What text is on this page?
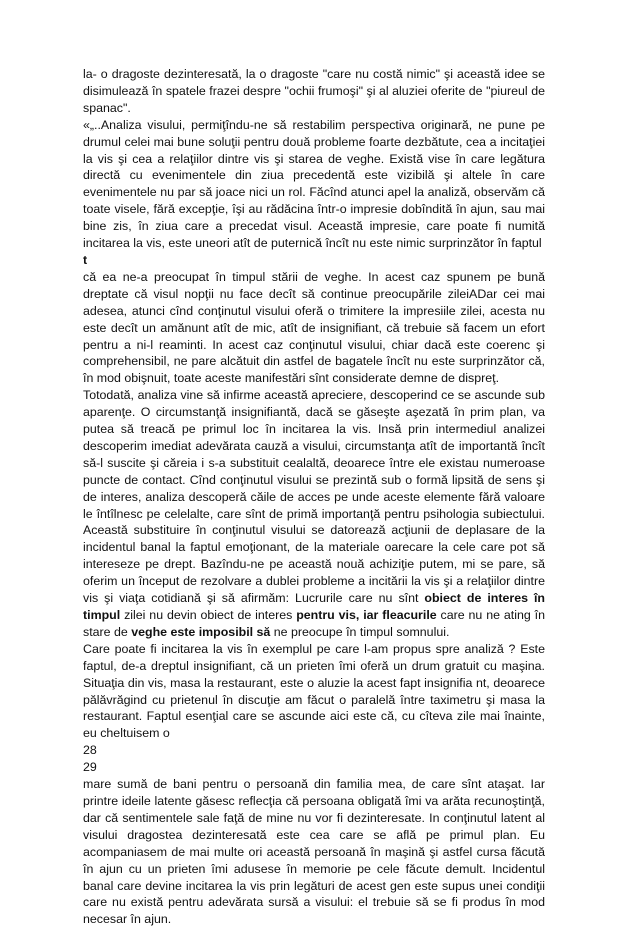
la- o dragoste dezinteresată, la o dragoste "care nu costă nimic" şi această idee se disimulează în spatele frazei despre "ochii frumoşi" şi al aluziei oferite de "piureul de spanac".

«„..Analiza visului, permiţîndu-ne să restabilim perspectiva originară, ne pune pe drumul celei mai bune soluţii pentru două probleme foarte dezbătute, cea a incitaţiei la vis şi cea a relaţiilor dintre vis şi starea de veghe. Există vise în care legătura directă cu evenimentele din ziua precedentă este vizibilă şi altele în care evenimentele nu par să joace nici un rol. Făcînd atunci apel la analiză, observăm că toate visele, fără excepţie, îşi au rădăcina într-o impresie dobîndită în ajun, sau mai bine zis, în ziua care a precedat visul. Această impresie, care poate fi numită incitarea la vis, este uneori atît de puternică încît nu este nimic surprinzător în faptul

t

că ea ne-a preocupat în timpul stării de veghe. In acest caz spunem pe bună dreptate că visul nopţii nu face decît să continue preocupările zileiADar cei mai adesea, atunci cînd conţinutul visului oferă o trimitere la impresiile zilei, acesta nu este decît un amănunt atît de mic, atît de insignifiant, că trebuie să facem un efort pentru a ni-l reaminti. In acest caz conţinutul visului, chiar dacă este coerenc şi comprehensibil, ne pare alcătuit din astfel de bagatele încît nu este surprinzător că, în mod obişnuit, toate aceste manifestări sînt considerate demne de dispreţ.

Totodată, analiza vine să infirme această apreciere, descoperind ce se ascunde sub aparenţe. O circumstanţă insignifiantă, dacă se găseşte aşezată în prim plan, va putea să treacă pe primul loc în incitarea la vis. Insă prin intermediul analizei descoperim imediat adevărata cauză a visului, circumstanţa atît de importantă încît să-l suscite şi căreia i s-a substituit cealaltă, deoarece între ele existau numeroase puncte de contact. Cînd conţinutul visului se prezintă sub o formă lipsită de sens şi de interes, analiza descoperă căile de acces pe unde aceste elemente fără valoare le întîlnesc pe celelalte, care sînt de primă importanţă pentru psihologia subiectului. Această substituire în conţinutul visului se datorează acţiunii de deplasare de la incidentul banal la faptul emoţionant, de la materiale oarecare la cele care pot să intereseze pe drept. Bazîndu-ne pe această nouă achiziţie putem, mi se pare, să oferim un început de rezolvare a dublei probleme a incitării la vis şi a relaţiilor dintre vis şi viaţa cotidiană şi să afirmăm: Lucrurile care nu sînt obiect de interes în timpul zilei nu devin obiect de interes pentru vis, iar fleacurile care nu ne ating în stare de veghe este imposibil să ne preocupe în timpul somnului.

Care poate fi incitarea la vis în exemplul pe care l-am propus spre analiză ? Este faptul, de-a dreptul insignifiant, că un prieten îmi oferă un drum gratuit cu maşina. Situaţia din vis, masa la restaurant, este o aluzie la acest fapt insignifia nt, deoarece pălăvrăgind cu prietenul în discuţie am făcut o paralelă între taximetru şi masa la restaurant. Faptul esenţial care se ascunde aici este că, cu cîteva zile mai înainte, eu cheltuisem o

28

29

mare sumă de bani pentru o persoană din familia mea, de care sînt ataşat. Iar printre ideile latente găsesc reflecţia că persoana obligată îmi va arăta recunoştinţă, dar că sentimentele sale faţă de mine nu vor fi dezinteresate. In conţinutul latent al visului dragostea dezinteresată este cea care se află pe primul plan. Eu acompaniasem de mai multe ori această persoană în maşină şi astfel cursa făcută în ajun cu un prieten îmi adusese în memorie pe cele făcute demult. Incidentul banal care devine incitarea la vis prin legături de acest gen este supus unei condiţii care nu există pentru adevărata sursă a visului: el trebuie să se fi produs în mod necesar în ajun.
